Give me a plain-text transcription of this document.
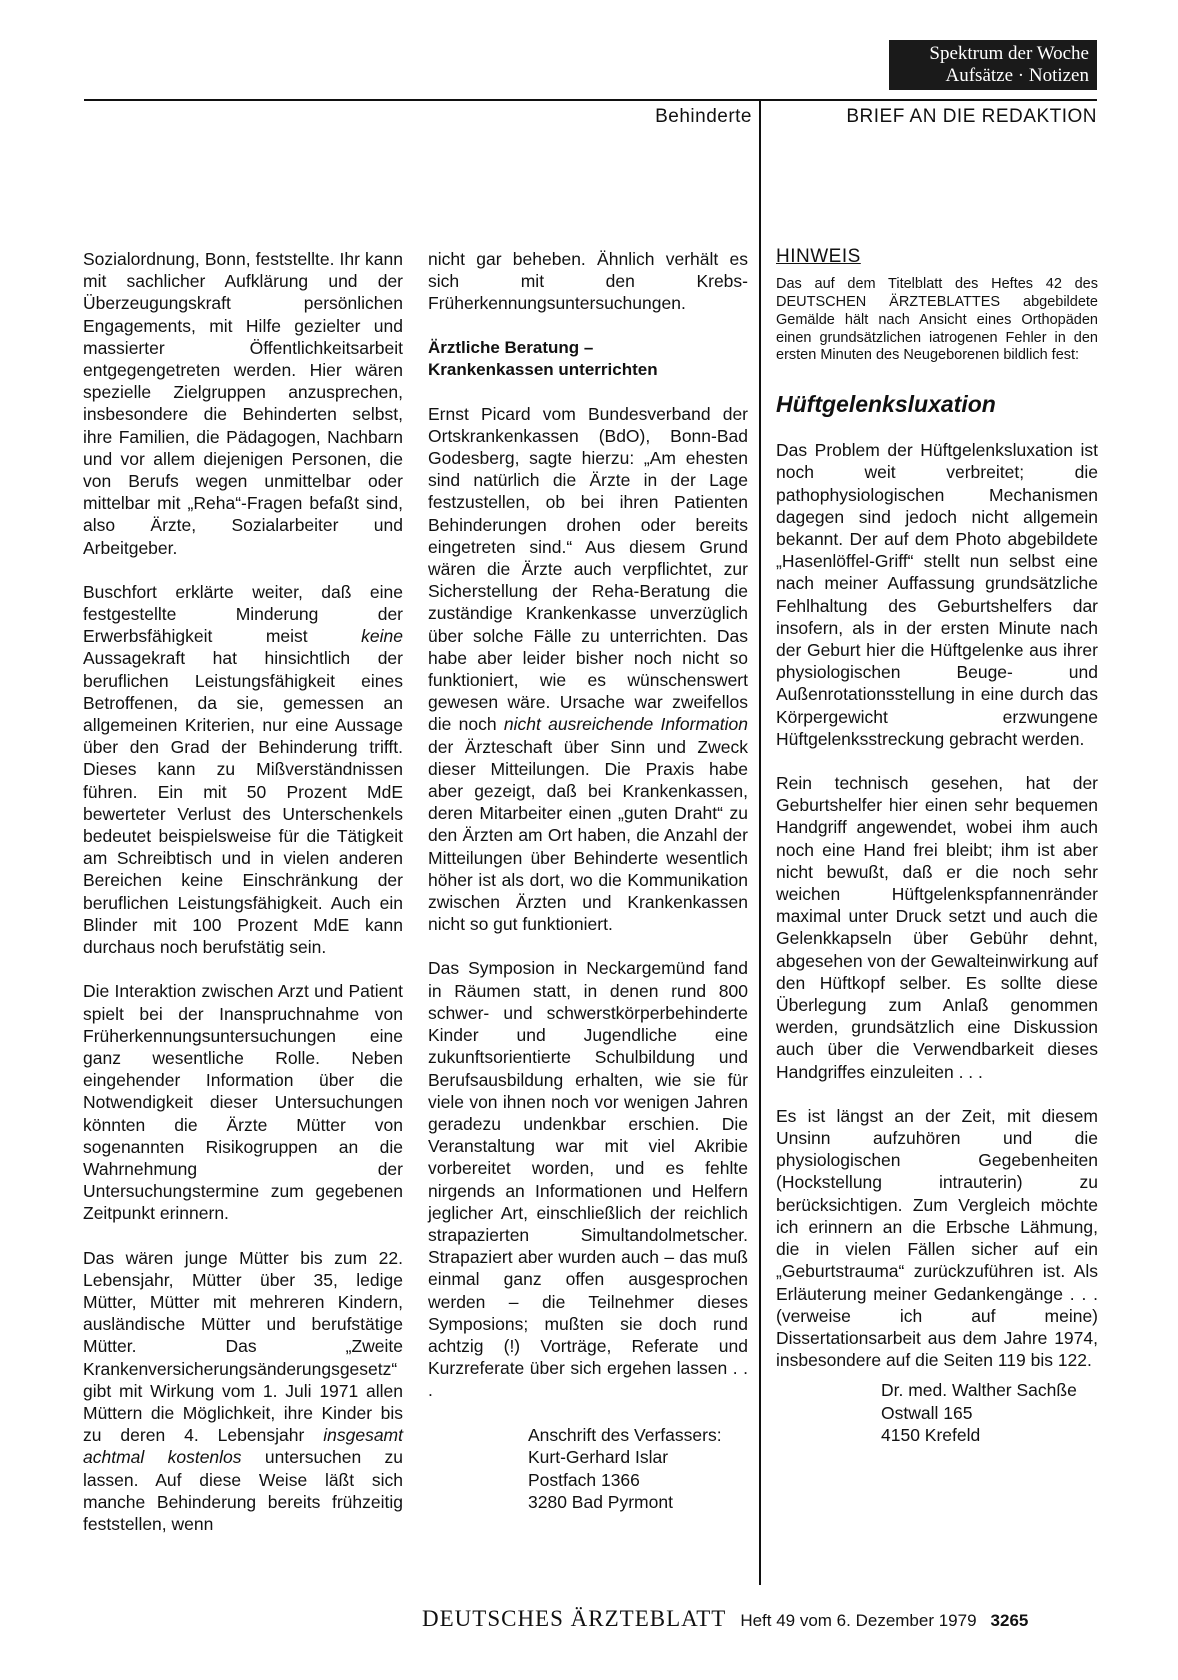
Spektrum der Woche
Aufsätze · Notizen
Behinderte	BRIEF AN DIE REDAKTION

Sozialordnung, Bonn, feststellte. Ihr kann mit sachlicher Aufklärung und der Überzeugungskraft persönlichen Engagements, mit Hilfe gezielter und massierter Öffentlichkeitsarbeit entgegengetreten werden. Hier wären spezielle Zielgruppen anzusprechen, insbesondere die Behinderten selbst, ihre Familien, die Pädagogen, Nachbarn und vor allem diejenigen Personen, die von Berufs wegen unmittelbar oder mittelbar mit „Reha“-Fragen befaßt sind, also Ärzte, Sozialarbeiter und Arbeitgeber.

Buschfort erklärte weiter, daß eine festgestellte Minderung der Erwerbsfähigkeit meist keine Aussagekraft hat hinsichtlich der beruflichen Leistungsfähigkeit eines Betroffenen, da sie, gemessen an allgemeinen Kriterien, nur eine Aussage über den Grad der Behinderung trifft. Dieses kann zu Mißverständnissen führen. Ein mit 50 Prozent MdE bewerteter Verlust des Unterschenkels bedeutet beispielsweise für die Tätigkeit am Schreibtisch und in vielen anderen Bereichen keine Einschränkung der beruflichen Leistungsfähigkeit. Auch ein Blinder mit 100 Prozent MdE kann durchaus noch berufstätig sein.

Die Interaktion zwischen Arzt und Patient spielt bei der Inanspruchnahme von Früherkennungsuntersuchungen eine ganz wesentliche Rolle. Neben eingehender Information über die Notwendigkeit dieser Untersuchungen könnten die Ärzte Mütter von sogenannten Risikogruppen an die Wahrnehmung der Untersuchungstermine zum gegebenen Zeitpunkt erinnern.

Das wären junge Mütter bis zum 22. Lebensjahr, Mütter über 35, ledige Mütter, Mütter mit mehreren Kindern, ausländische Mütter und berufstätige Mütter. Das „Zweite Krankenversicherungsänderungsgesetz“ gibt mit Wirkung vom 1. Juli 1971 allen Müttern die Möglichkeit, ihre Kinder bis zu deren 4. Lebensjahr insgesamt achtmal kostenlos untersuchen zu lassen. Auf diese Weise läßt sich manche Behinderung bereits frühzeitig feststellen, wenn

nicht gar beheben. Ähnlich verhält es sich mit den Krebs-Früherkennungsuntersuchungen.

Ärztliche Beratung –
Krankenkassen unterrichten

Ernst Picard vom Bundesverband der Ortskrankenkassen (BdO), Bonn-Bad Godesberg, sagte hierzu: „Am ehesten sind natürlich die Ärzte in der Lage festzustellen, ob bei ihren Patienten Behinderungen drohen oder bereits eingetreten sind.“ Aus diesem Grund wären die Ärzte auch verpflichtet, zur Sicherstellung der Reha-Beratung die zuständige Krankenkasse unverzüglich über solche Fälle zu unterrichten. Das habe aber leider bisher noch nicht so funktioniert, wie es wünschenswert gewesen wäre. Ursache war zweifellos die noch nicht ausreichende Information der Ärzteschaft über Sinn und Zweck dieser Mitteilungen. Die Praxis habe aber gezeigt, daß bei Krankenkassen, deren Mitarbeiter einen „guten Draht“ zu den Ärzten am Ort haben, die Anzahl der Mitteilungen über Behinderte wesentlich höher ist als dort, wo die Kommunikation zwischen Ärzten und Krankenkassen nicht so gut funktioniert.

Das Symposion in Neckargemünd fand in Räumen statt, in denen rund 800 schwer- und schwerstkörperbehinderte Kinder und Jugendliche eine zukunftsorientierte Schulbildung und Berufsausbildung erhalten, wie sie für viele von ihnen noch vor wenigen Jahren geradezu undenkbar erschien. Die Veranstaltung war mit viel Akribie vorbereitet worden, und es fehlte nirgends an Informationen und Helfern jeglicher Art, einschließlich der reichlich strapazierten Simultandolmetscher. Strapaziert aber wurden auch – das muß einmal ganz offen ausgesprochen werden – die Teilnehmer dieses Symposions; mußten sie doch rund achtzig (!) Vorträge, Referate und Kurzreferate über sich ergehen lassen . . .

Anschrift des Verfassers:
Kurt-Gerhard Islar
Postfach 1366
3280 Bad Pyrmont
HINWEIS
Das auf dem Titelblatt des Heftes 42 des DEUTSCHEN ÄRZTEBLATTES abgebildete Gemälde hält nach Ansicht eines Orthopäden einen grundsätzlichen iatrogenen Fehler in den ersten Minuten des Neugeborenen bildlich fest:
Hüftgelenksluxation

Das Problem der Hüftgelenksluxation ist noch weit verbreitet; die pathophysiologischen Mechanismen dagegen sind jedoch nicht allgemein bekannt. Der auf dem Photo abgebildete „Hasenlöffel-Griff“ stellt nun selbst eine nach meiner Auffassung grundsätzliche Fehlhaltung des Geburtshelfers dar insofern, als in der ersten Minute nach der Geburt hier die Hüftgelenke aus ihrer physiologischen Beuge- und Außenrotationsstellung in eine durch das Körpergewicht erzwungene Hüftgelenksstreckung gebracht werden.

Rein technisch gesehen, hat der Geburtshelfer hier einen sehr bequemen Handgriff angewendet, wobei ihm auch noch eine Hand frei bleibt; ihm ist aber nicht bewußt, daß er die noch sehr weichen Hüftgelenkspfannenränder maximal unter Druck setzt und auch die Gelenkkapseln über Gebühr dehnt, abgesehen von der Gewalteinwirkung auf den Hüftkopf selber. Es sollte diese Überlegung zum Anlaß genommen werden, grundsätzlich eine Diskussion auch über die Verwendbarkeit dieses Handgriffes einzuleiten . . .

Es ist längst an der Zeit, mit diesem Unsinn aufzuhören und die physiologischen Gegebenheiten (Hockstellung intrauterin) zu berücksichtigen. Zum Vergleich möchte ich erinnern an die Erbsche Lähmung, die in vielen Fällen sicher auf ein „Geburtstrauma“ zurückzuführen ist. Als Erläuterung meiner Gedankengänge . . . (verweise ich auf meine) Dissertationsarbeit aus dem Jahre 1974, insbesondere auf die Seiten 119 bis 122.

Dr. med. Walther Sachße
Ostwall 165
4150 Krefeld
DEUTSCHES ÄRZTEBLATT Heft 49 vom 6. Dezember 1979 3265
